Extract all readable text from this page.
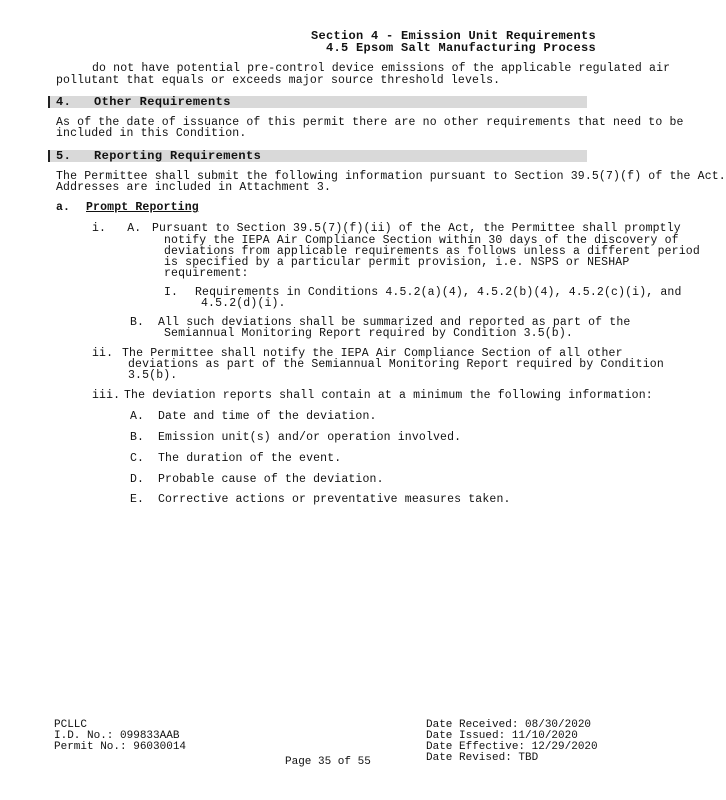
Section 4 - Emission Unit Requirements
4.5 Epsom Salt Manufacturing Process
do not have potential pre-control device emissions of the applicable regulated air
pollutant that equals or exceeds major source threshold levels.
4.   Other Requirements
As of the date of issuance of this permit there are no other requirements that need to be
included in this Condition.
5.   Reporting Requirements
The Permittee shall submit the following information pursuant to Section 39.5(7)(f) of the Act.
Addresses are included in Attachment 3.
a. Prompt Reporting
i.   A. Pursuant to Section 39.5(7)(f)(ii) of the Act, the Permittee shall promptly
notify the IEPA Air Compliance Section within 30 days of the discovery of
deviations from applicable requirements as follows unless a different period
is specified by a particular permit provision, i.e. NSPS or NESHAP
requirement:
I. Requirements in Conditions 4.5.2(a)(4), 4.5.2(b)(4), 4.5.2(c)(i), and
4.5.2(d)(i).
B. All such deviations shall be summarized and reported as part of the
Semiannual Monitoring Report required by Condition 3.5(b).
ii. The Permittee shall notify the IEPA Air Compliance Section of all other
deviations as part of the Semiannual Monitoring Report required by Condition
3.5(b).
iii. The deviation reports shall contain at a minimum the following information:
A. Date and time of the deviation.
B. Emission unit(s) and/or operation involved.
C. The duration of the event.
D. Probable cause of the deviation.
E. Corrective actions or preventative measures taken.
PCLLC
I.D. No.: 099833AAB
Permit No.: 96030014
Date Received: 08/30/2020
Date Issued: 11/10/2020
Date Effective: 12/29/2020
Date Revised: TBD
Page 35 of 55
